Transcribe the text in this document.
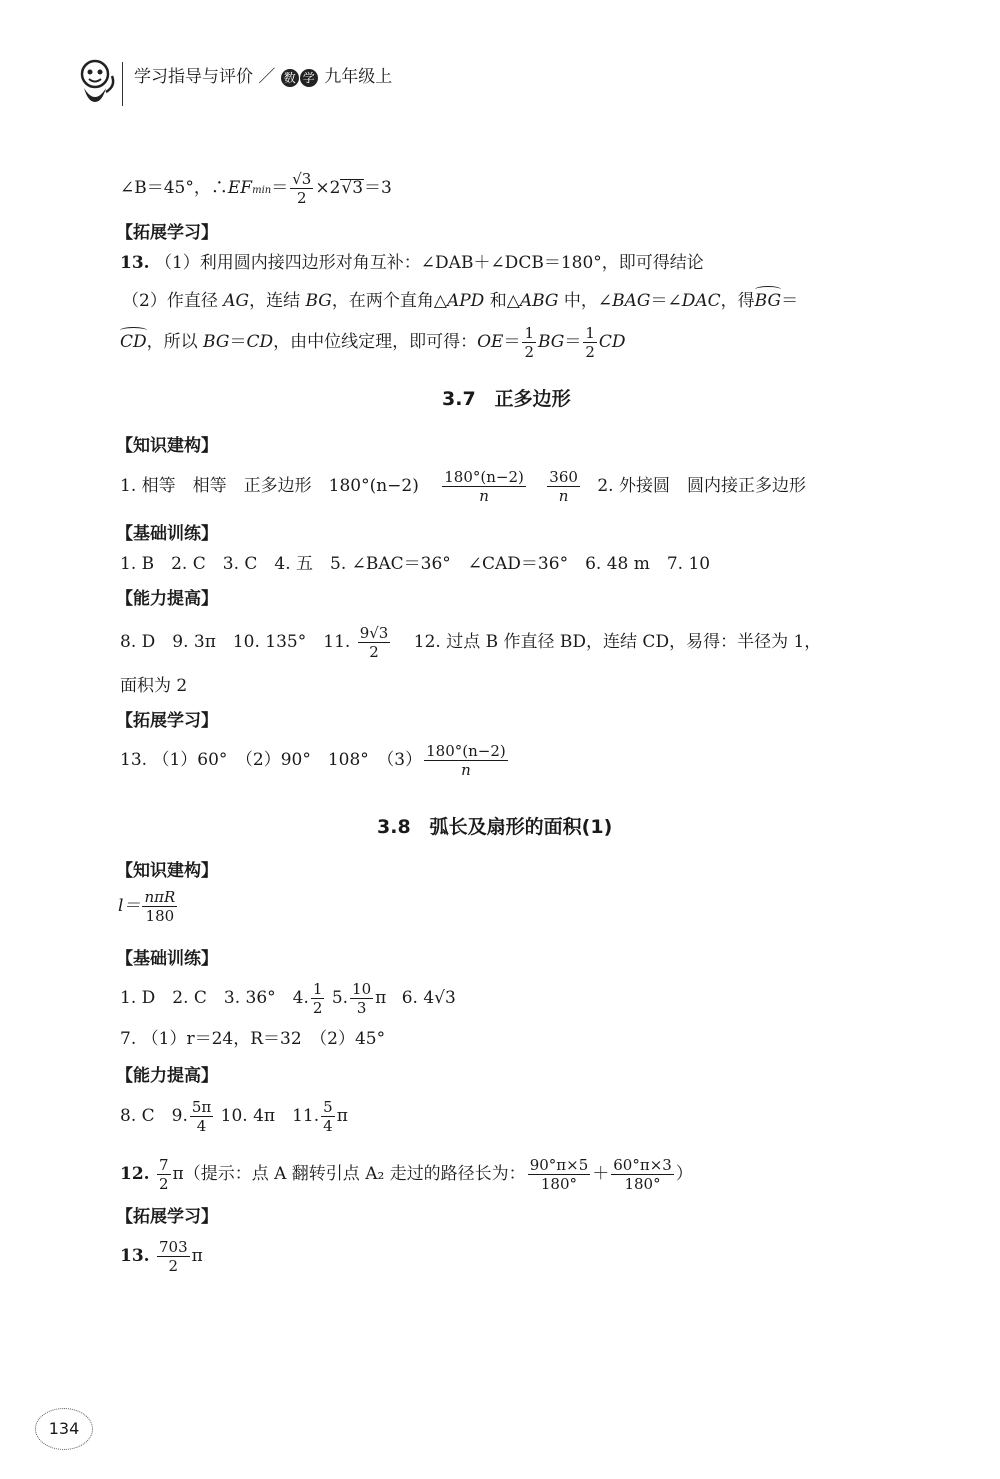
学习指导与评价 ／ 数 学 九年级上
∠B＝45°，∴EFmin＝ $\frac{√3}{2} \times 2√3=3$
【拓展学习】
13. （1）利用圆内接四边形对角互补：∠DAB＋∠DCB＝180°，即可得结论
（2）作直径 AG，连结 BG，在两个直角△APD 和△ABG 中，∠BAG＝∠DAC，得BG＝
CD，所以 BG＝CD，由中位线定理，即可得：$OE= \frac{1}{2} BG= \frac{1}{2}$ CD
3.7　正多边形
【知识建构】
1. 相等　相等　正多边形　$180^\circ(n-2) \frac{180^\circ(n-2)}{n}$
$\frac{360}{n} 2$. 外接圆　圆内接正多边形
【基础训练】
1. B　2. C　3. C　4. 五　5. ∠BAC＝36°　∠CAD＝36°　6. 48 m　7. 10
【能力提高】
8. D　9. 3π　10. 135°　11. $\frac{9√3}{2} 12$. 过点 B 作直径 BD，连结 CD，易得：半径为 1，
面积为 2
【拓展学习】
13. （1）60°　（2）90°　108°　$(3) \frac{180^\circ(n-2)}{n}$
3.8　弧长及扇形的面积(1)
【知识建构】
$l= \frac{\text{nπR}}{180}$
【基础训练】
1. D　2. C　3. 36°　4. $\frac{1}{2} 5$. $\frac{10}{3}$ π 6. 4√3
7. （1）r＝24，R＝32　（2）45°
【能力提高】
8. C　9. $\frac{5\pi}{4} 10$. 4π　11. $\frac{5}{4}$ π
12. $\frac{7}{2} \pi$（提示：点 A 翻转引点 A₂ 走过的路径长为： $\frac{90^\circ\pi\times 5}{180^\circ} + \frac{60^\circ\pi\times 3}{180^\circ}$ ）
【拓展学习】
13. $\frac{703}{2}$ π
134
